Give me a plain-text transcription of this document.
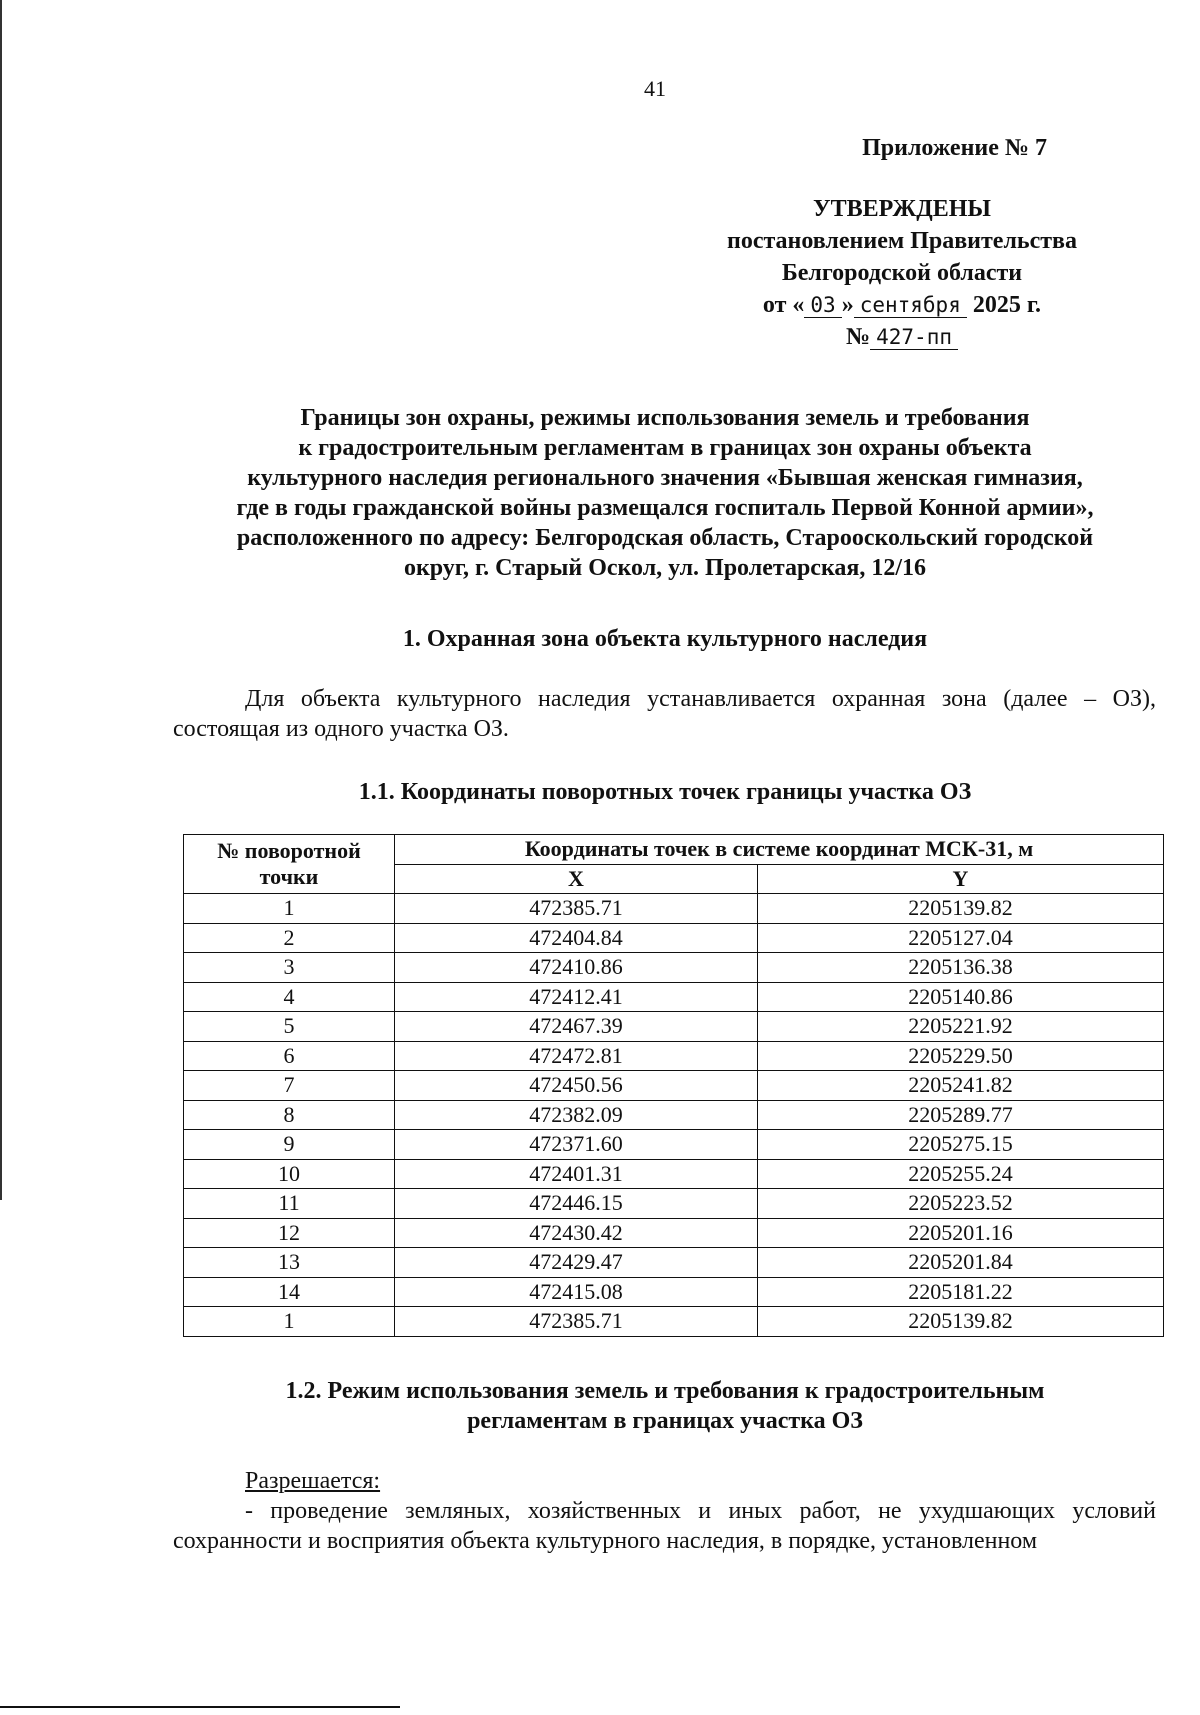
41
Приложение № 7
УТВЕРЖДЕНЫ
постановлением Правительства
Белгородской области
от « 03 » сентября 2025 г.
№ 427-пп
Границы зон охраны, режимы использования земель и требования
к градостроительным регламентам в границах зон охраны объекта
культурного наследия регионального значения «Бывшая женская гимназия,
где в годы гражданской войны размещался госпиталь Первой Конной армии»,
расположенного по адресу: Белгородская область, Старооскольский городской
округ, г. Старый Оскол, ул. Пролетарская, 12/16
1. Охранная зона объекта культурного наследия
Для объекта культурного наследия устанавливается охранная зона (далее – ОЗ), состоящая из одного участка ОЗ.
1.1. Координаты поворотных точек границы участка ОЗ
№ поворотной
точки	Координаты точек в системе координат МСК-31, м	
	X	Y
1	472385.71	2205139.82
2	472404.84	2205127.04
3	472410.86	2205136.38
4	472412.41	2205140.86
5	472467.39	2205221.92
6	472472.81	2205229.50
7	472450.56	2205241.82
8	472382.09	2205289.77
9	472371.60	2205275.15
10	472401.31	2205255.24
11	472446.15	2205223.52
12	472430.42	2205201.16
13	472429.47	2205201.84
14	472415.08	2205181.22
1	472385.71	2205139.82
1.2. Режим использования земель и требования к градостроительным
регламентам в границах участка ОЗ
Разрешается:
- проведение земляных, хозяйственных и иных работ, не ухудшающих условий сохранности и восприятия объекта культурного наследия, в порядке, установленном
